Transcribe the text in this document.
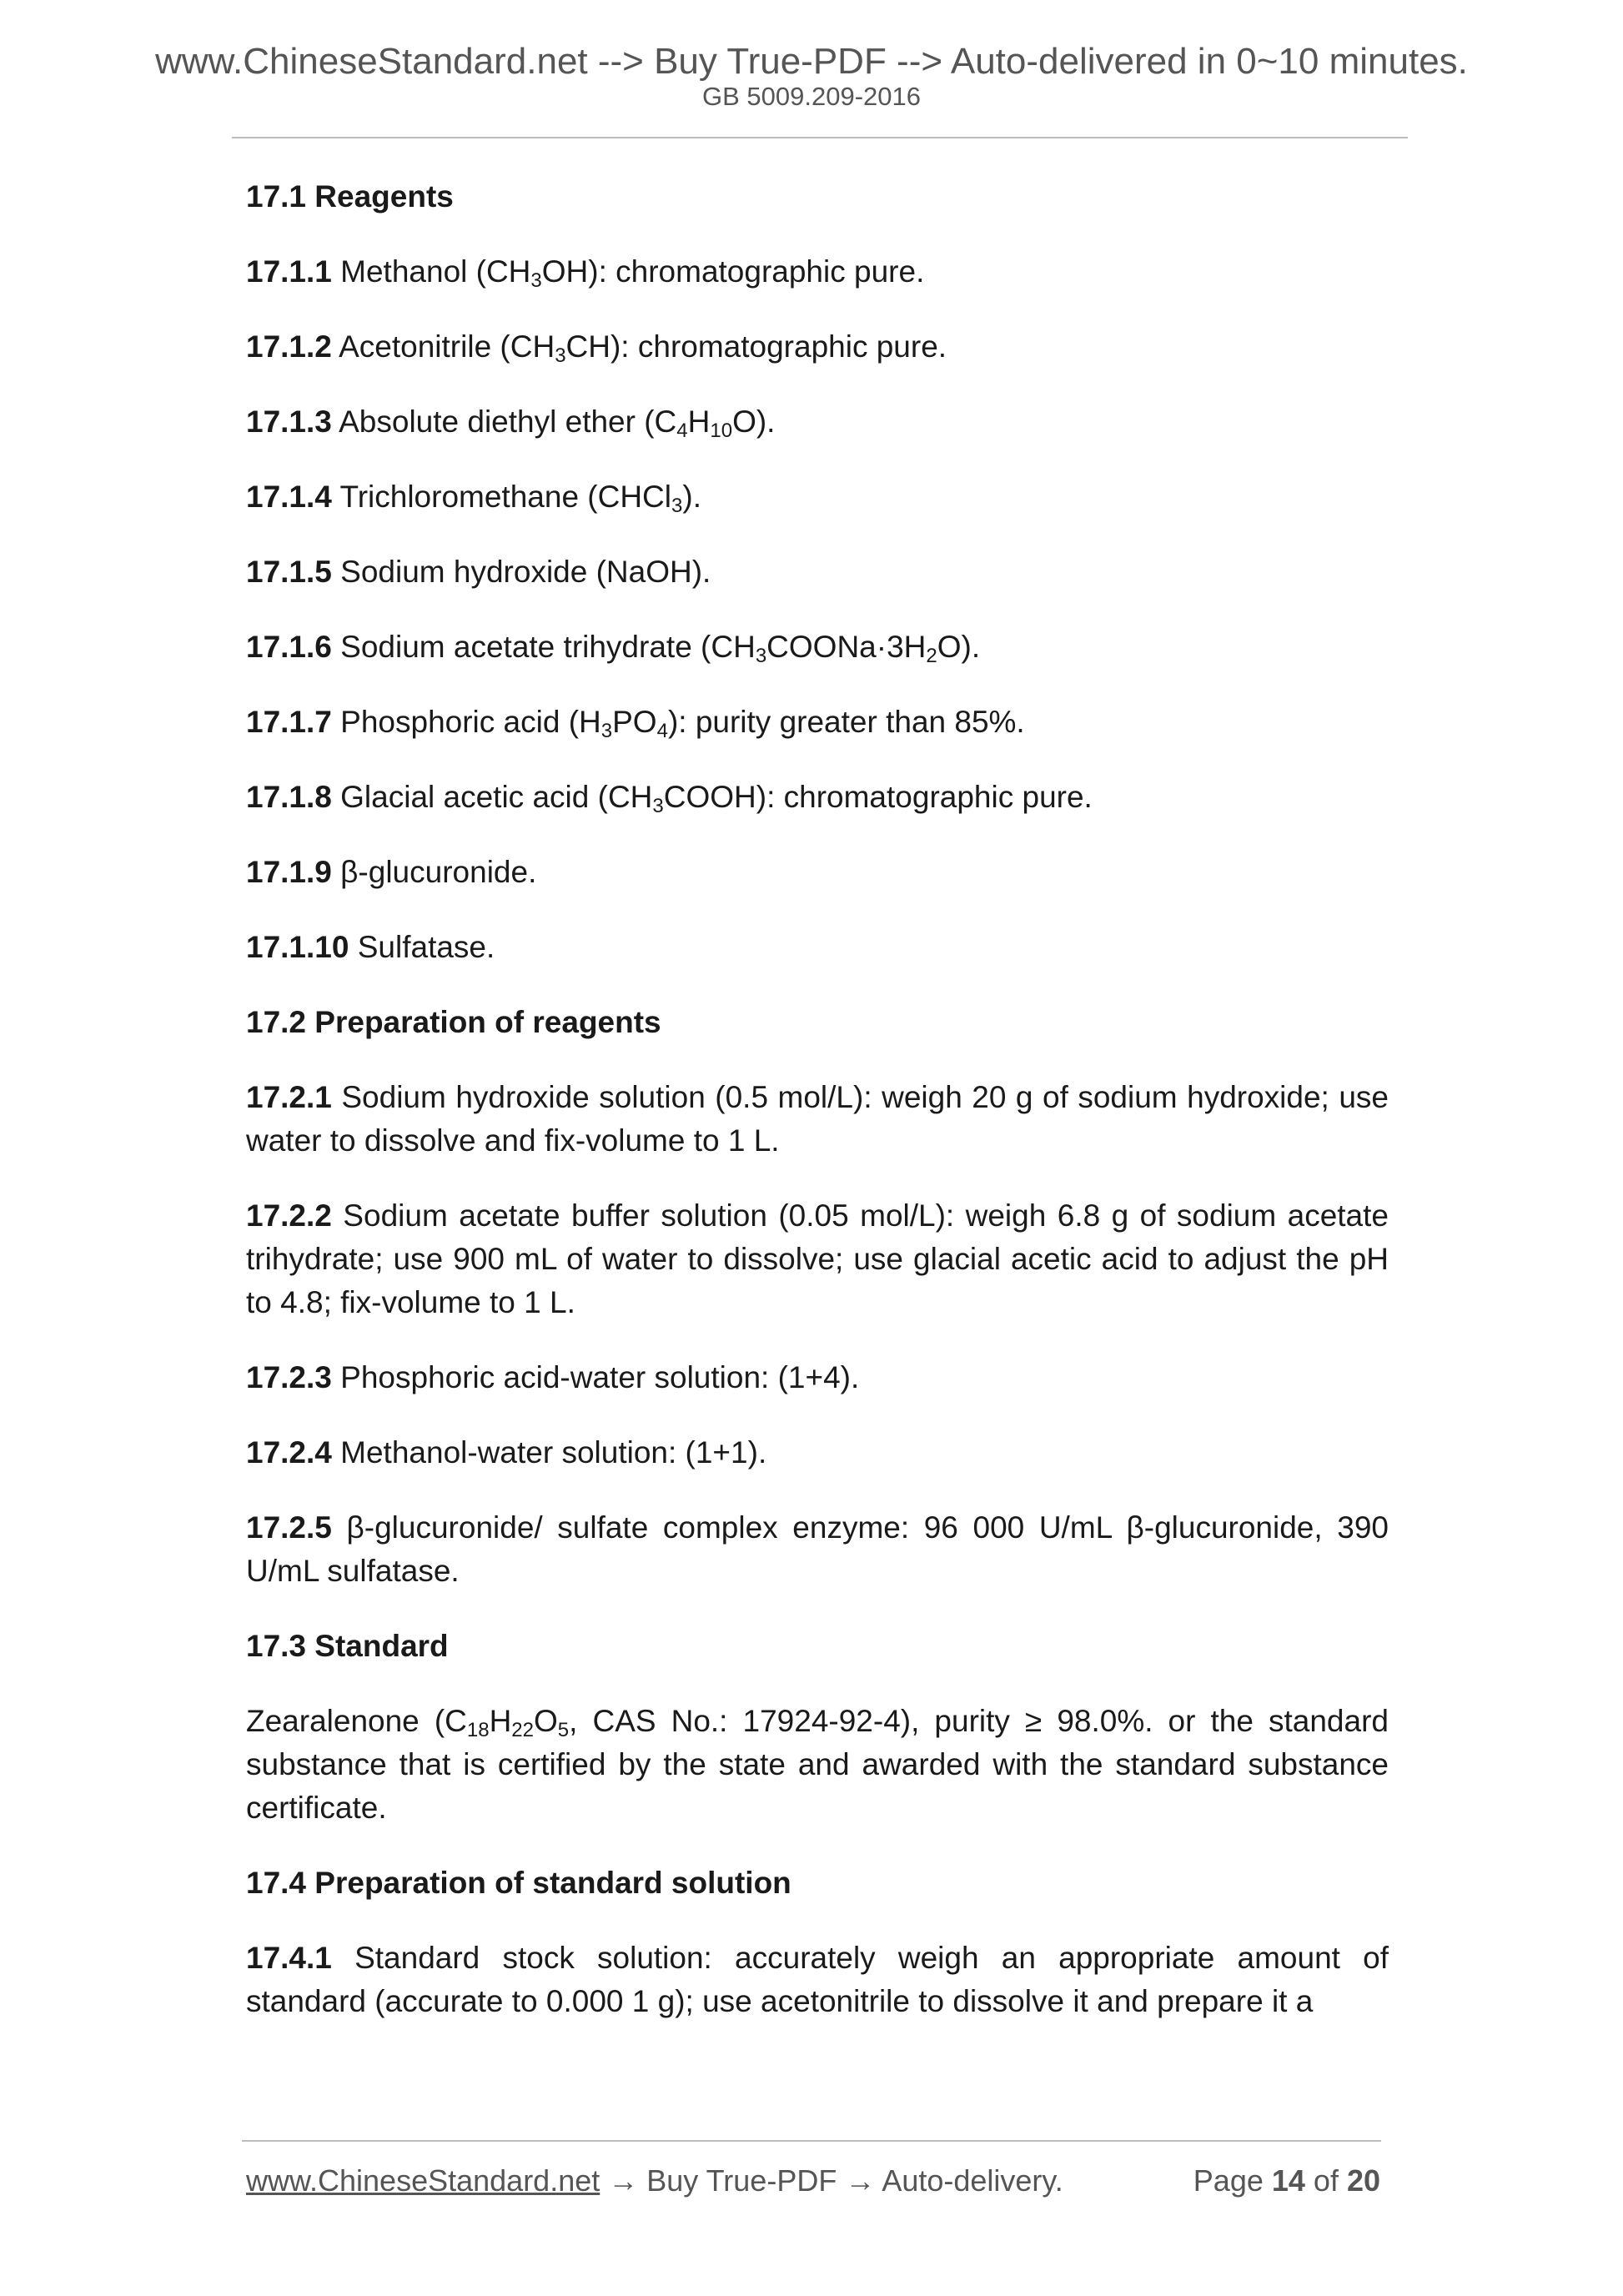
www.ChineseStandard.net --> Buy True-PDF --> Auto-delivered in 0~10 minutes.
GB 5009.209-2016

17.1 Reagents

17.1.1 Methanol $(CH_3OH)$: chromatographic pure.

17.1.2 Acetonitrile $(CH_3CH)$: chromatographic pure.

17.1.3 Absolute diethyl ether $(C_4H_{10}O)$.

17.1.4 Trichloromethane (CHCl$_3$).

17.1.5 Sodium hydroxide (NaOH).

17.1.6 Sodium acetate trihydrate $(CH_3COONa\cdot 3H_2O)$.

17.1.7 Phosphoric acid $(H_3PO_4)$: purity greater than 85%.

17.1.8 Glacial acetic acid $(CH_3COOH)$: chromatographic pure.

17.1.9 β-glucuronide.

17.1.10 Sulfatase.

17.2 Preparation of reagents

17.2.1 Sodium hydroxide solution (0.5 mol/L): weigh 20 g of sodium hydroxide; use water to dissolve and fix-volume to 1 L.

17.2.2 Sodium acetate buffer solution (0.05 mol/L): weigh 6.8 g of sodium acetate trihydrate; use 900 mL of water to dissolve; use glacial acetic acid to adjust the pH to 4.8; fix-volume to 1 L.

17.2.3 Phosphoric acid-water solution: (1+4).

17.2.4 Methanol-water solution: (1+1).

17.2.5 β-glucuronide/ sulfate complex enzyme: 96 000 U/mL β-glucuronide, 390 U/mL sulfatase.

17.3 Standard

Zearalenone ($C_{18}H_{22}O_5$, CAS No.: 17924-92-4), purity ≥ 98.0%. or the standard substance that is certified by the state and awarded with the standard substance certificate.

17.4 Preparation of standard solution

17.4.1 Standard stock solution: accurately weigh an appropriate amount of standard (accurate to 0.000 1 g); use acetonitrile to dissolve it and prepare it a

www.ChineseStandard.net → Buy True-PDF → Auto-delivery.	Page 14 of 20
